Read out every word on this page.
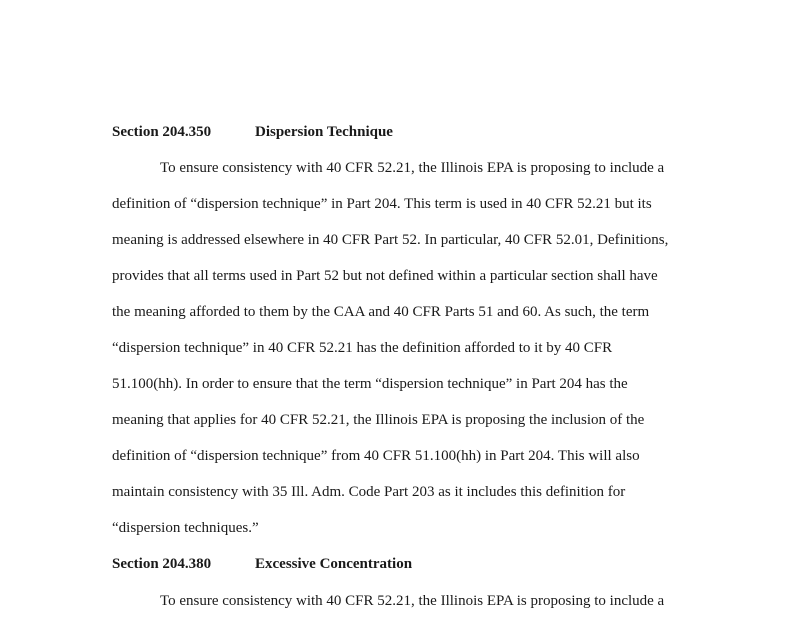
Section 204.350	Dispersion Technique
To ensure consistency with 40 CFR 52.21, the Illinois EPA is proposing to include a
definition of “dispersion technique” in Part 204. This term is used in 40 CFR 52.21 but its
meaning is addressed elsewhere in 40 CFR Part 52. In particular, 40 CFR 52.01, Definitions,
provides that all terms used in Part 52 but not defined within a particular section shall have
the meaning afforded to them by the CAA and 40 CFR Parts 51 and 60. As such, the term
“dispersion technique” in 40 CFR 52.21 has the definition afforded to it by 40 CFR
51.100(hh). In order to ensure that the term “dispersion technique” in Part 204 has the
meaning that applies for 40 CFR 52.21, the Illinois EPA is proposing the inclusion of the
definition of “dispersion technique” from 40 CFR 51.100(hh) in Part 204. This will also
maintain consistency with 35 Ill. Adm. Code Part 203 as it includes this definition for
“dispersion techniques.”
Section 204.380	Excessive Concentration
To ensure consistency with 40 CFR 52.21, the Illinois EPA is proposing to include a
